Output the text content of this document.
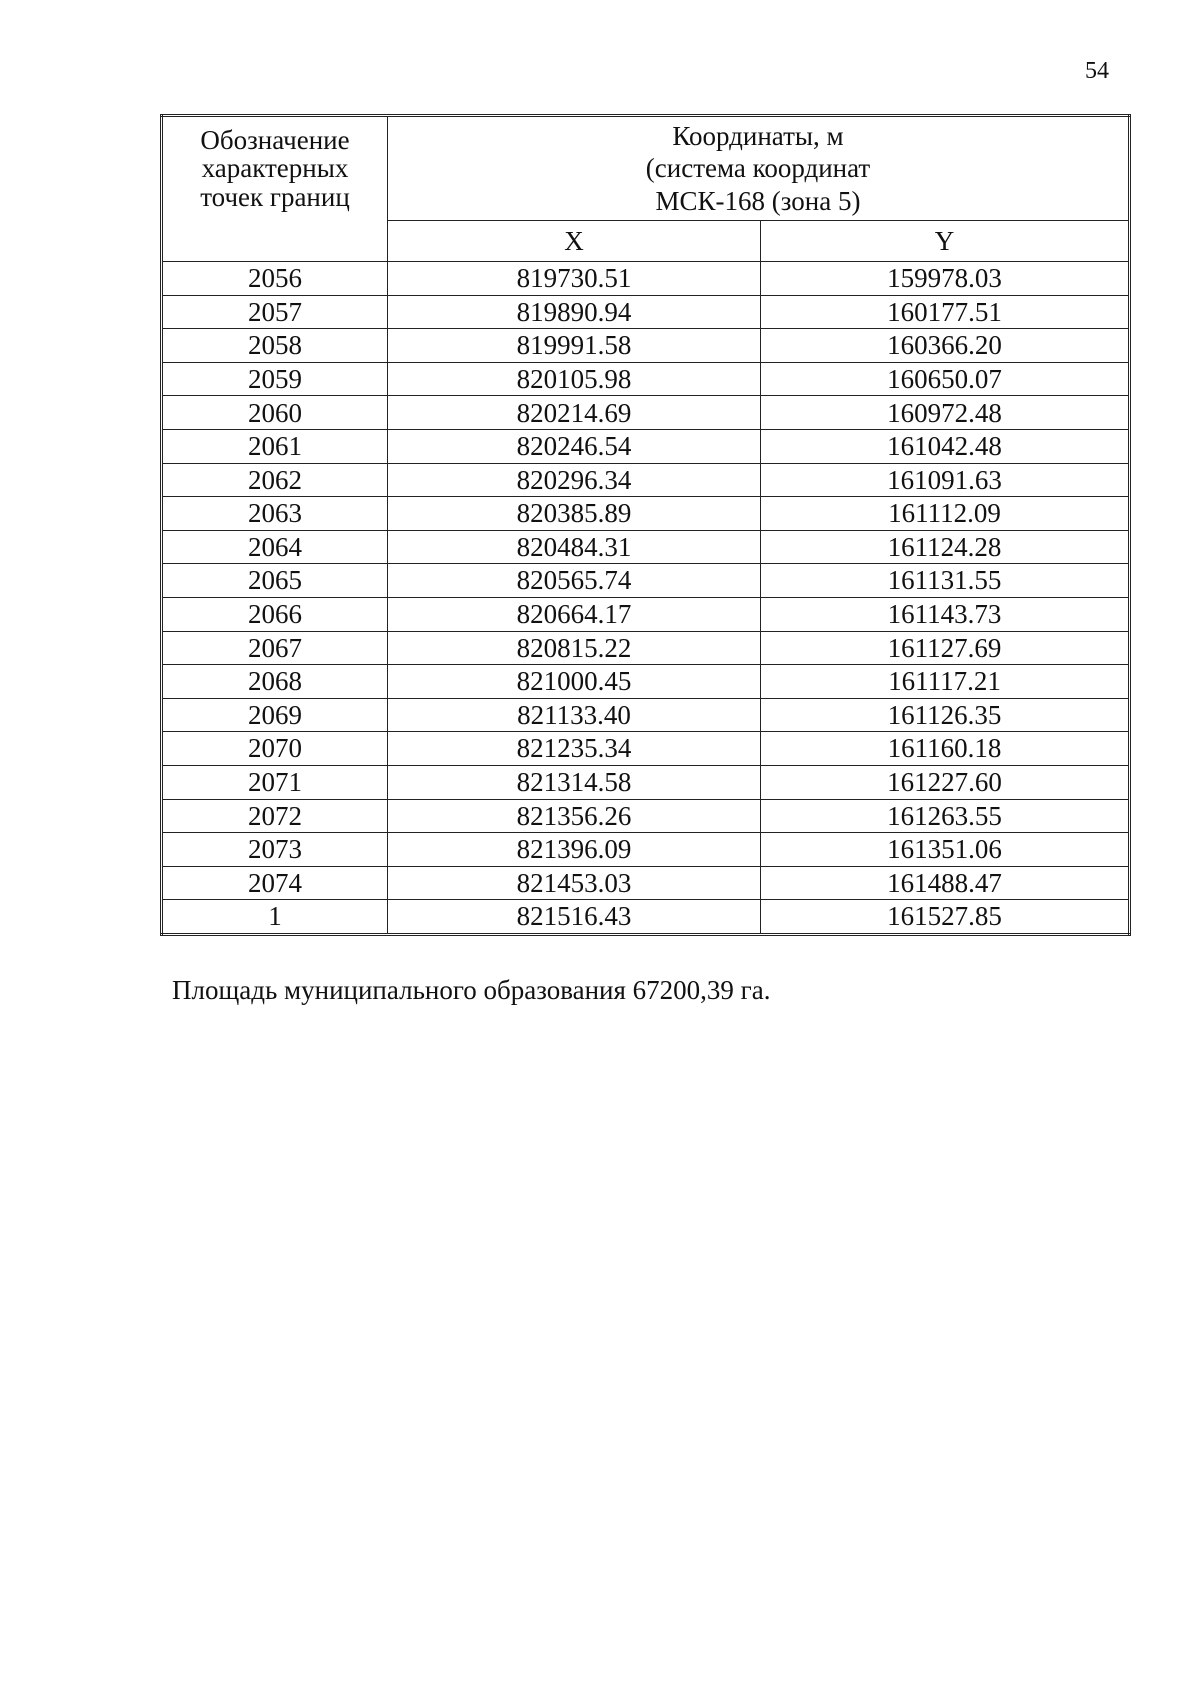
54
Обозначение
характерных
точек границ	Координаты, м
(система координат
МСК-168 (зона 5)	

	X	Y
2056	819730.51	159978.03
2057	819890.94	160177.51
2058	819991.58	160366.20
2059	820105.98	160650.07
2060	820214.69	160972.48
2061	820246.54	161042.48
2062	820296.34	161091.63
2063	820385.89	161112.09
2064	820484.31	161124.28
2065	820565.74	161131.55
2066	820664.17	161143.73
2067	820815.22	161127.69
2068	821000.45	161117.21
2069	821133.40	161126.35
2070	821235.34	161160.18
2071	821314.58	161227.60
2072	821356.26	161263.55
2073	821396.09	161351.06
2074	821453.03	161488.47
1	821516.43	161527.85
Площадь муниципального образования 67200,39 га.
